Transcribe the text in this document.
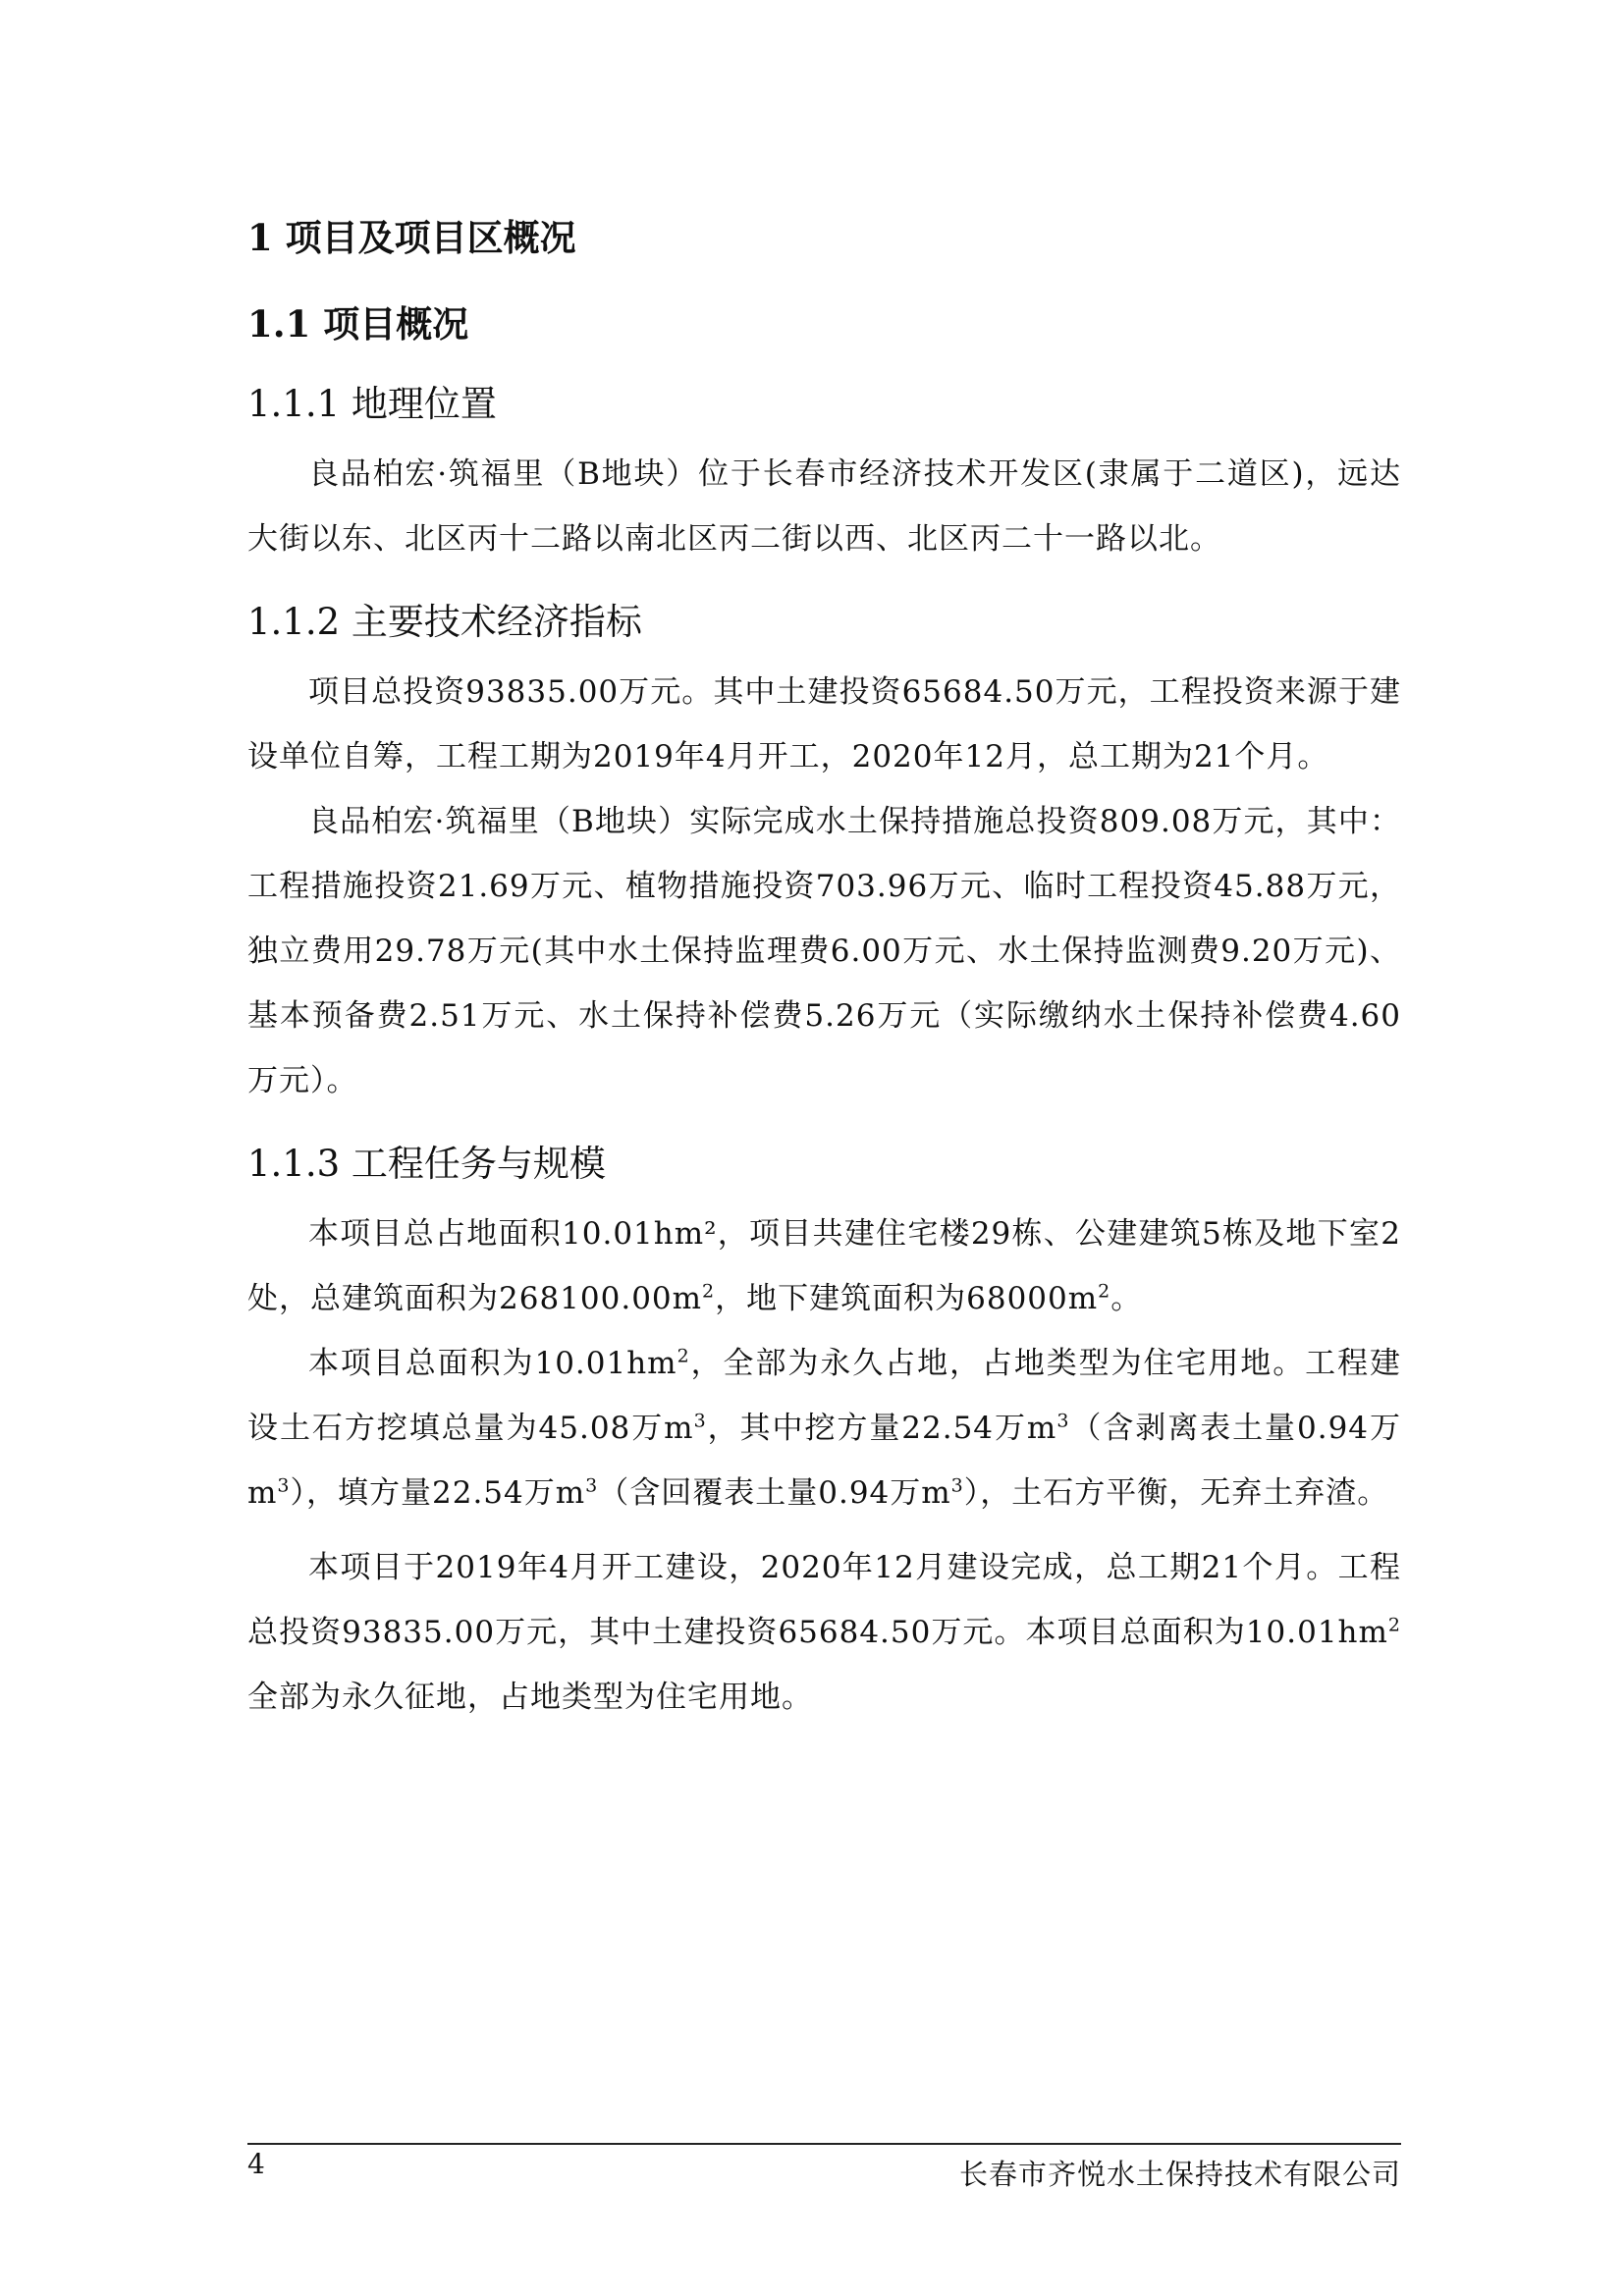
1 项目及项目区概况
1.1 项目概况
1.1.1 地理位置

良品柏宏·筑福里（B地块）位于长春市经济技术开发区(隶属于二道区)，远达大街以东、北区丙十二路以南北区丙二街以西、北区丙二十一路以北。

1.1.2 主要技术经济指标

项目总投资93835.00万元。其中土建投资65684.50万元，工程投资来源于建设单位自筹，工程工期为2019年4月开工，2020年12月，总工期为21个月。

良品柏宏·筑福里（B地块）实际完成水土保持措施总投资809.08万元，其中：工程措施投资21.69万元、植物措施投资703.96万元、临时工程投资45.88万元，独立费用29.78万元(其中水土保持监理费6.00万元、水土保持监测费9.20万元)、基本预备费2.51万元、水土保持补偿费5.26万元（实际缴纳水土保持补偿费4.60万元）。

1.1.3 工程任务与规模

本项目总占地面积10.01hm²，项目共建住宅楼29栋、公建建筑5栋及地下室2处，总建筑面积为$268100.00m^2$，地下建筑面积为$68000m^2$。

本项目总面积为$10.01hm^2$，全部为永久占地，占地类型为住宅用地。工程建设土石方挖填总量为45.08万$m^3$，其中挖方量22.54万$m^3$（含剥离表土量0.94万$m^3$），填方量22.54万$m^3$（含回覆表土量0.94万$m^3$），土石方平衡，无弃土弃渣。

本项目于2019年4月开工建设，2020年12月建设完成，总工期21个月。工程总投资93835.00万元，其中土建投资65684.50万元。本项目总面积为$10.01hm^2$全部为永久征地，占地类型为住宅用地。

4	长春市齐悦水土保持技术有限公司
